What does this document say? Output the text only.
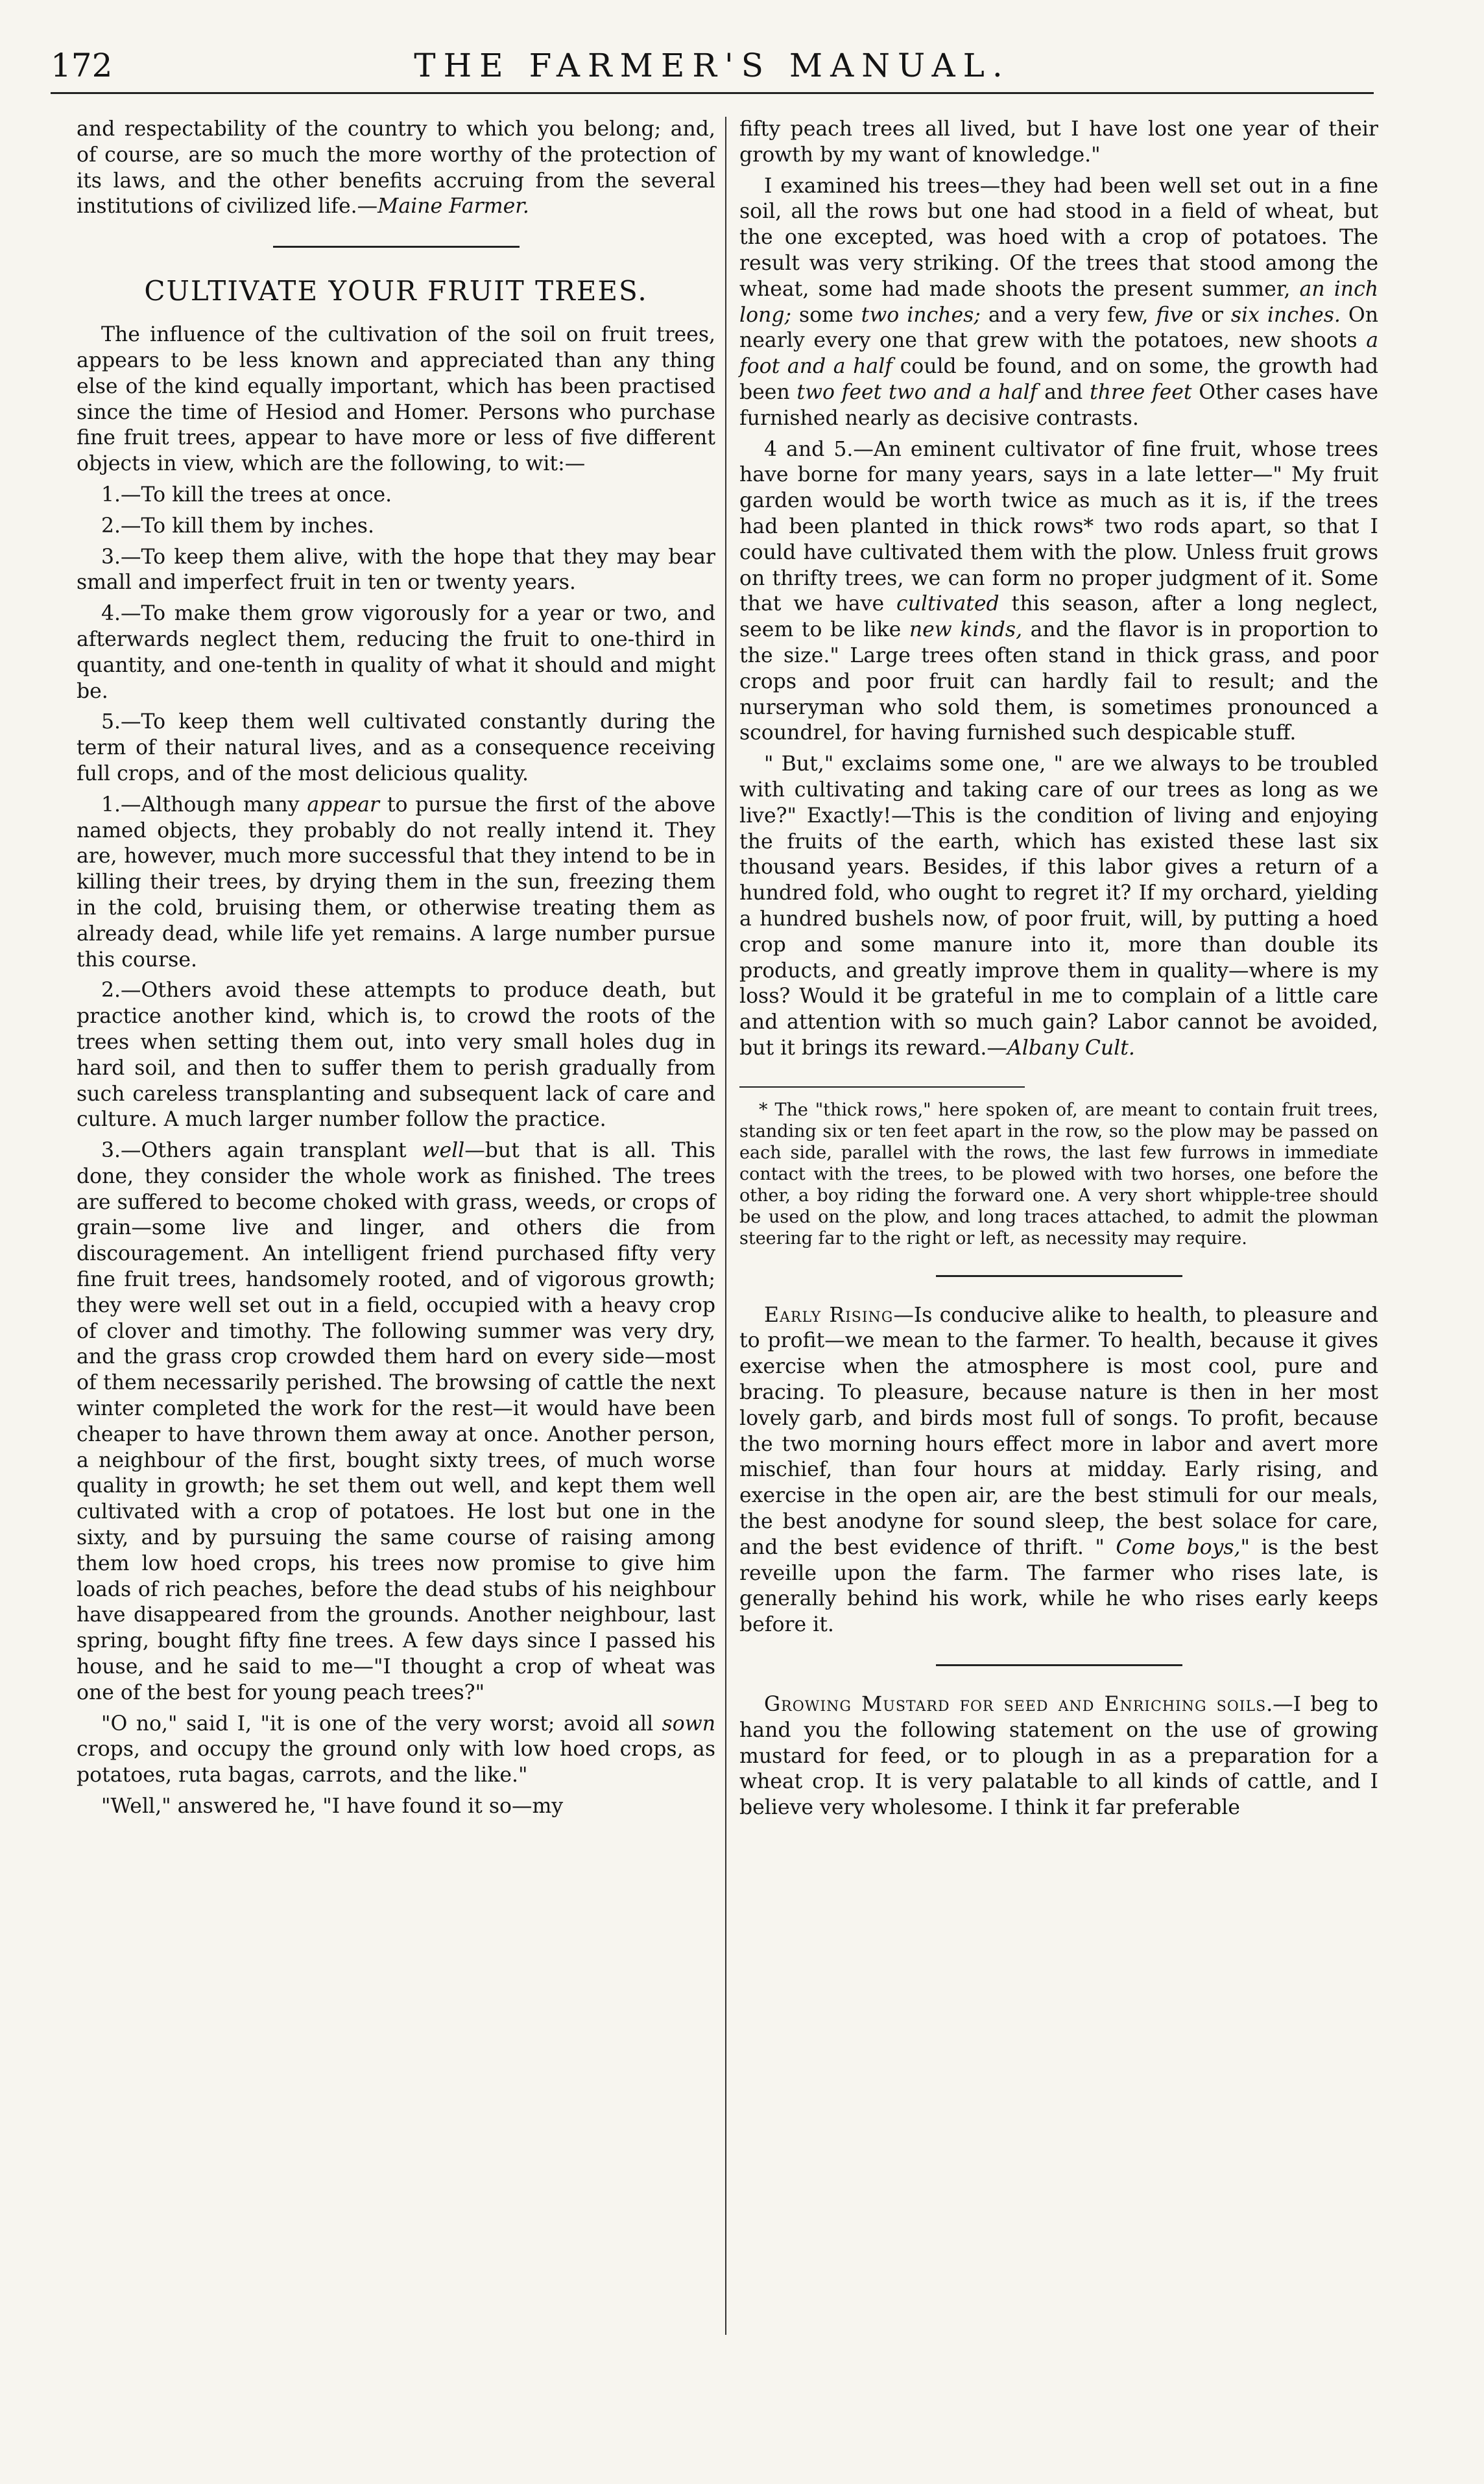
172	THE FARMER'S MANUAL.

and respectability of the country to which you belong; and, of course, are so much the more worthy of the protection of its laws, and the other benefits accruing from the several institutions of civilized life.—Maine Farmer.

CULTIVATE YOUR FRUIT TREES.

The influence of the cultivation of the soil on fruit trees, appears to be less known and appreciated than any thing else of the kind equally important, which has been practised since the time of Hesiod and Homer. Persons who purchase fine fruit trees, appear to have more or less of five different objects in view, which are the following, to wit:—

1.—To kill the trees at once.

2.—To kill them by inches.

3.—To keep them alive, with the hope that they may bear small and imperfect fruit in ten or twenty years.

4.—To make them grow vigorously for a year or two, and afterwards neglect them, reducing the fruit to one-third in quantity, and one-tenth in quality of what it should and might be.

5.—To keep them well cultivated constantly during the term of their natural lives, and as a consequence receiving full crops, and of the most delicious quality.

1.—Although many appear to pursue the first of the above named objects, they probably do not really intend it. They are, however, much more successful that they intend to be in killing their trees, by drying them in the sun, freezing them in the cold, bruising them, or otherwise treating them as already dead, while life yet remains. A large number pursue this course.

2.—Others avoid these attempts to produce death, but practice another kind, which is, to crowd the roots of the trees when setting them out, into very small holes dug in hard soil, and then to suffer them to perish gradually from such careless transplanting and subsequent lack of care and culture. A much larger number follow the practice.

3.—Others again transplant well—but that is all. This done, they consider the whole work as finished. The trees are suffered to become choked with grass, weeds, or crops of grain—some live and linger, and others die from discouragement. An intelligent friend purchased fifty very fine fruit trees, handsomely rooted, and of vigorous growth; they were well set out in a field, occupied with a heavy crop of clover and timothy. The following summer was very dry, and the grass crop crowded them hard on every side—most of them necessarily perished. The browsing of cattle the next winter completed the work for the rest—it would have been cheaper to have thrown them away at once. Another person, a neighbour of the first, bought sixty trees, of much worse quality in growth; he set them out well, and kept them well cultivated with a crop of potatoes. He lost but one in the sixty, and by pursuing the same course of raising among them low hoed crops, his trees now promise to give him loads of rich peaches, before the dead stubs of his neighbour have disappeared from the grounds. Another neighbour, last spring, bought fifty fine trees. A few days since I passed his house, and he said to me—"I thought a crop of wheat was one of the best for young peach trees?"

"O no," said I, "it is one of the very worst; avoid all sown crops, and occupy the ground only with low hoed crops, as potatoes, ruta bagas, carrots, and the like."

"Well," answered he, "I have found it so—my

fifty peach trees all lived, but I have lost one year of their growth by my want of knowledge."

I examined his trees—they had been well set out in a fine soil, all the rows but one had stood in a field of wheat, but the one excepted, was hoed with a crop of potatoes. The result was very striking. Of the trees that stood among the wheat, some had made shoots the present summer, an inch long; some two inches; and a very few, five or six inches. On nearly every one that grew with the potatoes, new shoots a foot and a half could be found, and on some, the growth had been two feet two and a half and three feet Other cases have furnished nearly as decisive contrasts.

4 and 5.—An eminent cultivator of fine fruit, whose trees have borne for many years, says in a late letter—" My fruit garden would be worth twice as much as it is, if the trees had been planted in thick rows* two rods apart, so that I could have cultivated them with the plow. Unless fruit grows on thrifty trees, we can form no proper judgment of it. Some that we have cultivated this season, after a long neglect, seem to be like new kinds, and the flavor is in proportion to the size." Large trees often stand in thick grass, and poor crops and poor fruit can hardly fail to result; and the nurseryman who sold them, is sometimes pronounced a scoundrel, for having furnished such despicable stuff.

" But," exclaims some one, " are we always to be troubled with cultivating and taking care of our trees as long as we live?" Exactly!—This is the condition of living and enjoying the fruits of the earth, which has existed these last six thousand years. Besides, if this labor gives a return of a hundred fold, who ought to regret it? If my orchard, yielding a hundred bushels now, of poor fruit, will, by putting a hoed crop and some manure into it, more than double its products, and greatly improve them in quality—where is my loss? Would it be grateful in me to complain of a little care and attention with so much gain? Labor cannot be avoided, but it brings its reward.—Albany Cult.

* The "thick rows," here spoken of, are meant to contain fruit trees, standing six or ten feet apart in the row, so the plow may be passed on each side, parallel with the rows, the last few furrows in immediate contact with the trees, to be plowed with two horses, one before the other, a boy riding the forward one. A very short whipple-tree should be used on the plow, and long traces attached, to admit the plowman steering far to the right or left, as necessity may require.

Early Rising—Is conducive alike to health, to pleasure and to profit—we mean to the farmer. To health, because it gives exercise when the atmosphere is most cool, pure and bracing. To pleasure, because nature is then in her most lovely garb, and birds most full of songs. To profit, because the two morning hours effect more in labor and avert more mischief, than four hours at midday. Early rising, and exercise in the open air, are the best stimuli for our meals, the best anodyne for sound sleep, the best solace for care, and the best evidence of thrift. " Come boys," is the best reveille upon the farm. The farmer who rises late, is generally behind his work, while he who rises early keeps before it.

Growing Mustard for seed and Enriching soils.—I beg to hand you the following statement on the use of growing mustard for feed, or to plough in as a preparation for a wheat crop. It is very palatable to all kinds of cattle, and I believe very wholesome. I think it far preferable
